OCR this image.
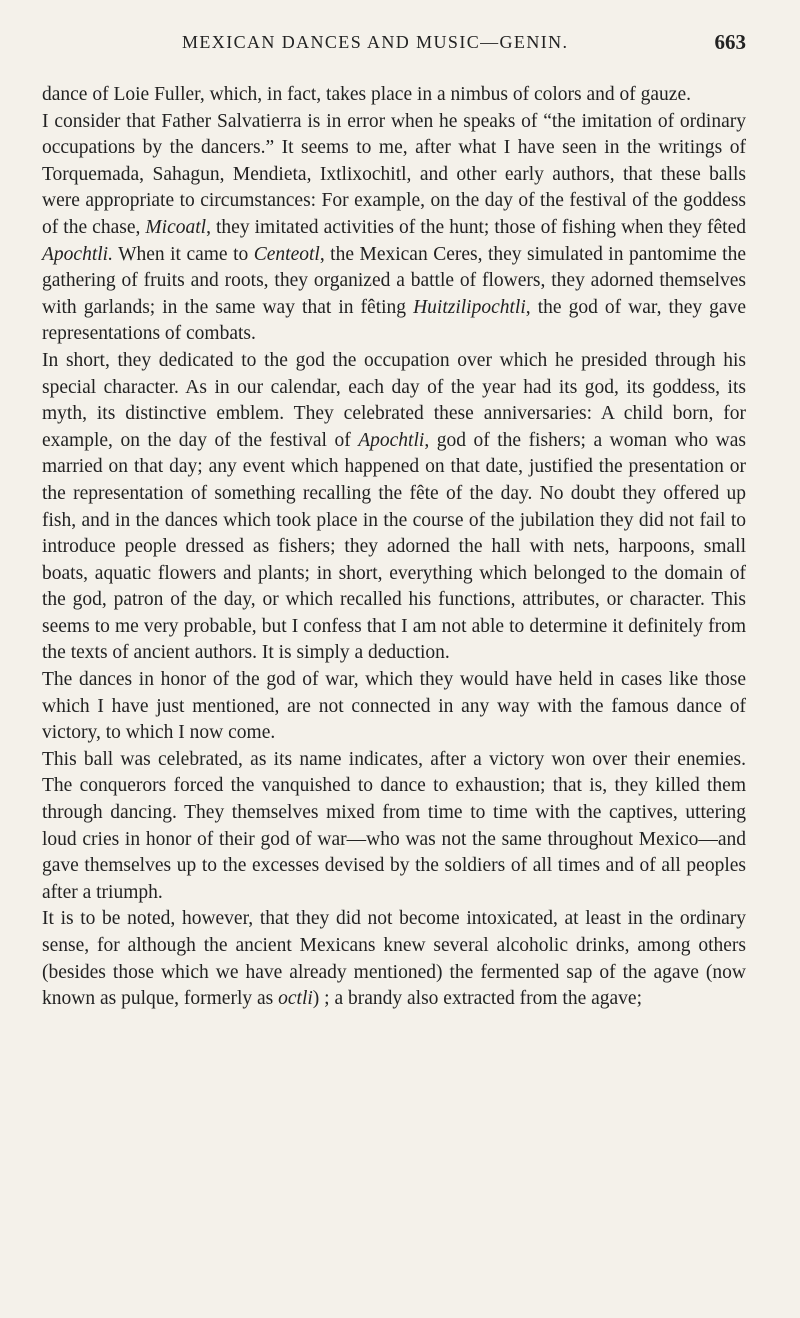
MEXICAN DANCES AND MUSIC—GENIN.	663

dance of Loie Fuller, which, in fact, takes place in a nimbus of colors and of gauze.

I consider that Father Salvatierra is in error when he speaks of “the imitation of ordinary occupations by the dancers.” It seems to me, after what I have seen in the writings of Torquemada, Sahagun, Mendieta, Ixtlixochitl, and other early authors, that these balls were appropriate to circumstances: For example, on the day of the festival of the goddess of the chase, Micoatl, they imitated activities of the hunt; those of fishing when they fêted Apochtli. When it came to Centeotl, the Mexican Ceres, they simulated in pantomime the gathering of fruits and roots, they organized a battle of flowers, they adorned themselves with garlands; in the same way that in fêting Huitzilipochtli, the god of war, they gave representations of combats.

In short, they dedicated to the god the occupation over which he presided through his special character. As in our calendar, each day of the year had its god, its goddess, its myth, its distinctive emblem. They celebrated these anniversaries: A child born, for example, on the day of the festival of Apochtli, god of the fishers; a woman who was married on that day; any event which happened on that date, justified the presentation or the representation of something recalling the fête of the day. No doubt they offered up fish, and in the dances which took place in the course of the jubilation they did not fail to introduce people dressed as fishers; they adorned the hall with nets, harpoons, small boats, aquatic flowers and plants; in short, everything which belonged to the domain of the god, patron of the day, or which recalled his functions, attributes, or character. This seems to me very probable, but I confess that I am not able to determine it definitely from the texts of ancient authors. It is simply a deduction.

The dances in honor of the god of war, which they would have held in cases like those which I have just mentioned, are not connected in any way with the famous dance of victory, to which I now come.

This ball was celebrated, as its name indicates, after a victory won over their enemies. The conquerors forced the vanquished to dance to exhaustion; that is, they killed them through dancing. They themselves mixed from time to time with the captives, uttering loud cries in honor of their god of war—who was not the same throughout Mexico—and gave themselves up to the excesses devised by the soldiers of all times and of all peoples after a triumph.

It is to be noted, however, that they did not become intoxicated, at least in the ordinary sense, for although the ancient Mexicans knew several alcoholic drinks, among others (besides those which we have already mentioned) the fermented sap of the agave (now known as pulque, formerly as octli) ; a brandy also extracted from the agave;
